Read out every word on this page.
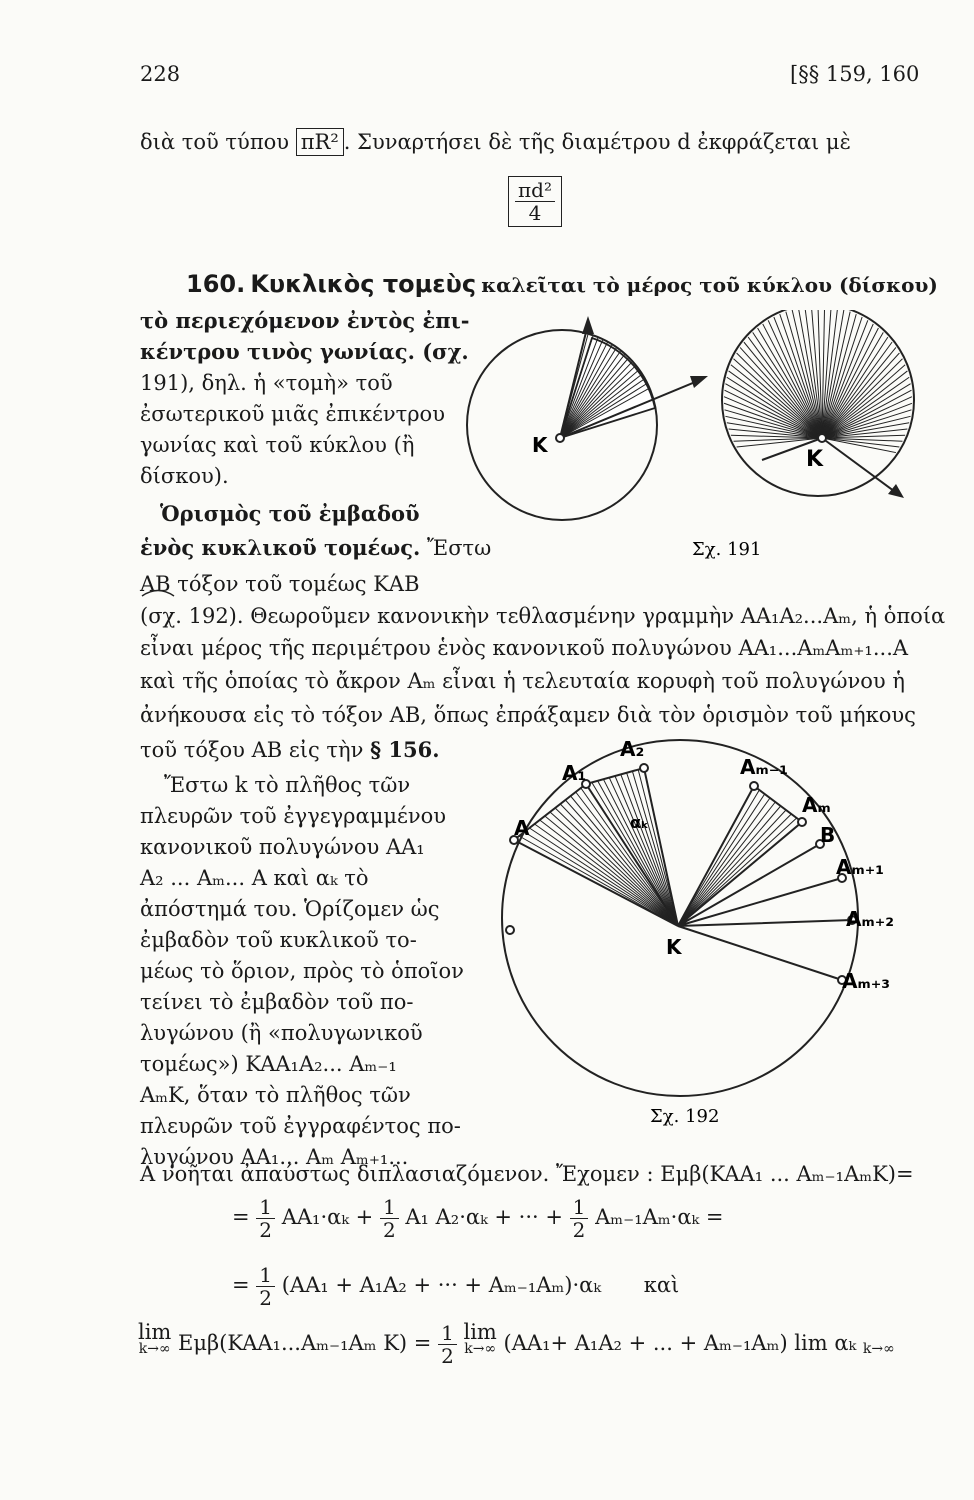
228	[§§ 159, 160
διὰ τοῦ τύπου πR² . Συναρτήσει δὲ τῆς διαμέτρου d ἐκφράζεται μὲ
$\frac{\text{πd²}}{4}$
160. Κυκλικὸς τομεὺς καλεῖται τὸ μέρος τοῦ κύκλου (δίσκου)
τὸ περιεχόμενον ἐντὸς ἐπι-
κέντρου τινὸς γωνίας. (σχ.
191), δηλ. ἡ «τομὴ» τοῦ
ἐσωτερικοῦ μιᾶς ἐπικέντρου
γωνίας καὶ τοῦ κύκλου (ἢ
δίσκου).
Ὁρισμὸς τοῦ ἐμβαδοῦ
ἑνὸς κυκλικοῦ τομέως. Ἔστω
AB τόξον τοῦ τομέως ΚΑΒ
(σχ. 192). Θεωροῦμεν κανονικὴν τεθλασμένην γραμμὴν AA₁A₂...Aₘ, ἡ ὁποία
εἶναι μέρος τῆς περιμέτρου ἑνὸς κανονικοῦ πολυγώνου AA₁...AₘAₘ₊₁...A
καὶ τῆς ὁποίας τὸ ἄκρον Aₘ εἶναι ἡ τελευταία κορυφὴ τοῦ πολυγώνου ἡ
ἀνήκουσα εἰς τὸ τόξον AB, ὅπως ἐπράξαμεν διὰ τὸν ὁρισμὸν τοῦ μήκους
τοῦ τόξου AB εἰς τὴν § 156.
Ἔστω k τὸ πλῆθος τῶν
πλευρῶν τοῦ ἐγγεγραμμένου
κανονικοῦ πολυγώνου AA₁
A₂ ... Aₘ... A καὶ αₖ τὸ
ἀπόστημά του. Ὁρίζομεν ὡς
ἐμβαδὸν τοῦ κυκλικοῦ το-
μέως τὸ ὅριον, πρὸς τὸ ὁποῖον
τείνει τὸ ἐμβαδὸν τοῦ πο-
λυγώνου (ἢ «πολυγωνικοῦ
τομέως») KAA₁A₂... Aₘ₋₁
AₘK, ὅταν τὸ πλῆθος τῶν
πλευρῶν τοῦ ἐγγραφέντος πο-
λυγώνου AA₁... Aₘ Aₘ₊₁...
A νοῆται ἀπαύστως διπλασιαζόμενον. Ἔχομεν : Εμβ(KAA₁ ... Aₘ₋₁AₘK)=
= $\frac{1}{2} AA_1\cdot\alpha_k + \frac{1}{2} A_1$ A₂·αₖ + ··· + $\frac{1}{2} A_{m-1}A_m\cdot\alpha_k$ =
= $\frac{1}{2} (AA_1 + A_1A_2$ + ··· + Aₘ₋₁Aₘ)·αₖ καὶ
lim
k→∞ Εμβ(KAA₁...Aₘ₋₁Aₘ $K) = \frac{1}{2}$ lim
k→∞ (AA₁+ A₁A₂ + ... + Aₘ₋₁Aₘ) lim αₖ k→∞
K
K
Σχ. 191
A
A₁
A₂
Aₘ₋₁
Aₘ
B
Aₘ₊₁
Aₘ₊₂
Aₘ₊₃
K
αₖ
Σχ. 192
